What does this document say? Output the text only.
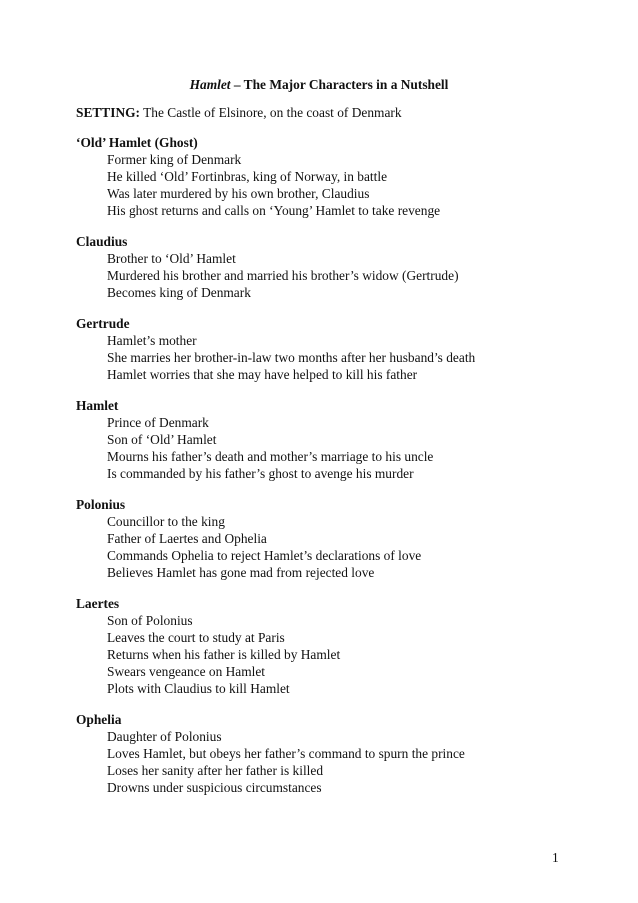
Hamlet – The Major Characters in a Nutshell
SETTING: The Castle of Elsinore, on the coast of Denmark
‘Old’ Hamlet (Ghost)
Former king of Denmark
He killed ‘Old’ Fortinbras, king of Norway, in battle
Was later murdered by his own brother, Claudius
His ghost returns and calls on ‘Young’ Hamlet to take revenge
Claudius
Brother to ‘Old’ Hamlet
Murdered his brother and married his brother’s widow (Gertrude)
Becomes king of Denmark
Gertrude
Hamlet’s mother
She marries her brother-in-law two months after her husband’s death
Hamlet worries that she may have helped to kill his father
Hamlet
Prince of Denmark
Son of ‘Old’ Hamlet
Mourns his father’s death and mother’s marriage to his uncle
Is commanded by his father’s ghost to avenge his murder
Polonius
Councillor to the king
Father of Laertes and Ophelia
Commands Ophelia to reject Hamlet’s declarations of love
Believes Hamlet has gone mad from rejected love
Laertes
Son of Polonius
Leaves the court to study at Paris
Returns when his father is killed by Hamlet
Swears vengeance on Hamlet
Plots with Claudius to kill Hamlet
Ophelia
Daughter of Polonius
Loves Hamlet, but obeys her father’s command to spurn the prince
Loses her sanity after her father is killed
Drowns under suspicious circumstances
1
